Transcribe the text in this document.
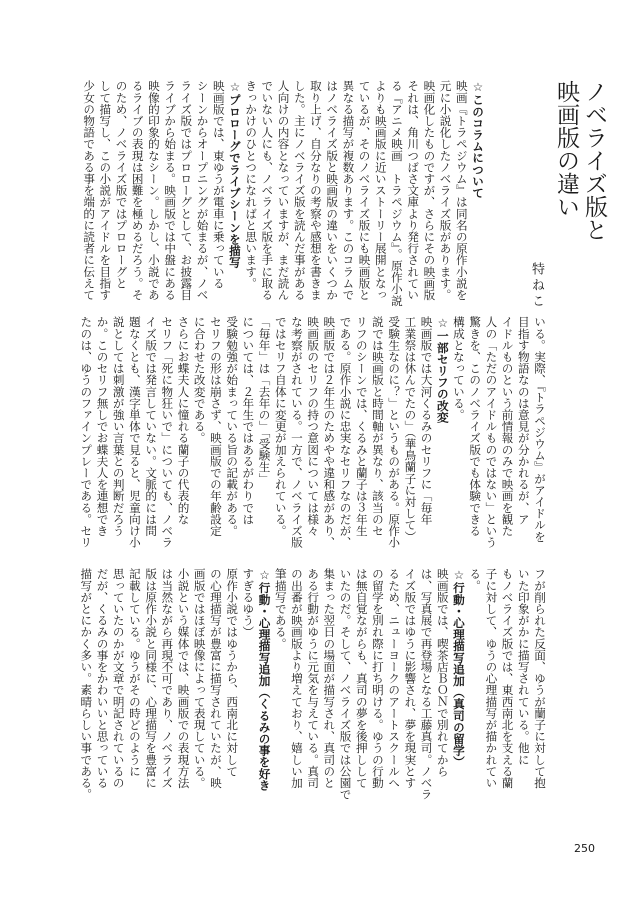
ノベライズ版と
映画版の違い
特ねこ
☆このコラムについて
映画『トラペジウム』は同名の原作小説を
元に小説化したノベライズ版があります。
映画化したものですが、さらにその映画版
それは、角川つばさ文庫より発行されてい
る『アニメ映画　トラペジウム』。原作小説
よりも映画版に近いストーリー展開となっ
ているが、そのノベライズ版にも映画版と
異なる描写が複数あります。このコラムで
はノベライズ版と映画版の違いをいくつか
取り上げ、自分なりの考察や感想を書きま
した。主にノベライズ版を読んだ事がある
人向けの内容となっていますが、まだ読ん
でいない人にも、ノベライズ版を手に取る
きっかけのひとつになればと思います。
☆プロローグでライブシーンを描写
映画版では、東ゆうが電車に乗っている
シーンからオープニングが始まるが、ノベ
ライズ版ではプロローグとして、お披露目
ライブから始まる。映画版では中盤にある
映像的印象的なシーン。しかし、小説であ
るライブの表現は困難を極めるだろう。そ
のため、ノベライズ版ではプロローグと
して描写し、この小説がアイドルを目指す
少女の物語である事を端的に読者に伝えて
いる。実際、『トラペジウム』がアイドルを
目指す物語なのは意見が分かれるが、ア
イドルものという前情報のみで映画を観た
人の「ただのアイドルものではない」という
驚きを、このノベライズ版でも体験できる
構成となっている。
☆一部セリフの改変
映画版では大河くるみのセリフに「毎年
工業祭は休んでたの」（華鳥蘭子に対して）
受験生なのに？」というものがある。原作小
説では映画版と時間軸が異なり、該当のセ
リフのシーンでは、くるみと蘭子は３年生
である。原作小説に忠実なセリフなのだが、
映画版では２年生のためやや違和感があり、
映画版のセリフの持つ意図については様々
な考察がされている。一方で、ノベライズ版
ではセリフ自体に変更が加えられている。
「毎年」は「去年の」「受験生」
については、２年生ではあるがわりでは
受験勉強が始まっている旨の記載がある。
セリフの形は崩さず、映画版での年齢設定
に合わせた改変である。
さらにお蝶夫人に憧れる蘭子の代表的な
セリフ「死に物狂いで」についても、ノベラ
イズ版では発言していない。文脈的には問
題なくとも、漢字単体で見ると、児童向け小
説としては刺激が強い言葉との判断だろう
か。このセリフ無しでお蝶夫人を連想でき
たのは、ゆうのファインプレーである。セリ
フが削られた反面、ゆうが蘭子に対して抱
いた印象がかに描写されている。他に
もノベライズ版では、東西南北を支える蘭
子に対して、ゆうの心理描写が描かれてい
る。
☆行動・心理描写追加（真司の留学）
映画版では、喫茶店ＢＯＮで別れてから
は、写真展で再登場となる工藤真司。ノベラ
イズ版ではゆうに影響され、夢を現実とす
るため、ニューヨークのアートスクールへ
の留学を別れ際に打ち明ける。ゆうの行動
は無自覚ながらも、真司の夢を後押しして
いたのだ。そして、ノベライズ版では公園で
集まった翌日の場面が描写され、真司のと
ある行動がゆうに元気を与えている。真司
の出番が映画版より増えており、嬉しい加
筆描写である。
☆行動・心理描写追加（くるみの事を好き
すぎるゆう）
原作小説ではゆうから、西南北に対して
の心理描写が豊富に描写されていたが、映
画版ではほぼ映像によって表現している。
小説という媒体では、映画版での表現方法
は当然ながら再現不可であり、ノベライズ
版は原作小説と同様に、心理描写を豊富に
記載している。ゆうがその時どのように
思っていたのかが文章で明記されているの
だが、くるみの事をかわいいと思っている
描写がとにかく多い。素晴らしい事である。
250
